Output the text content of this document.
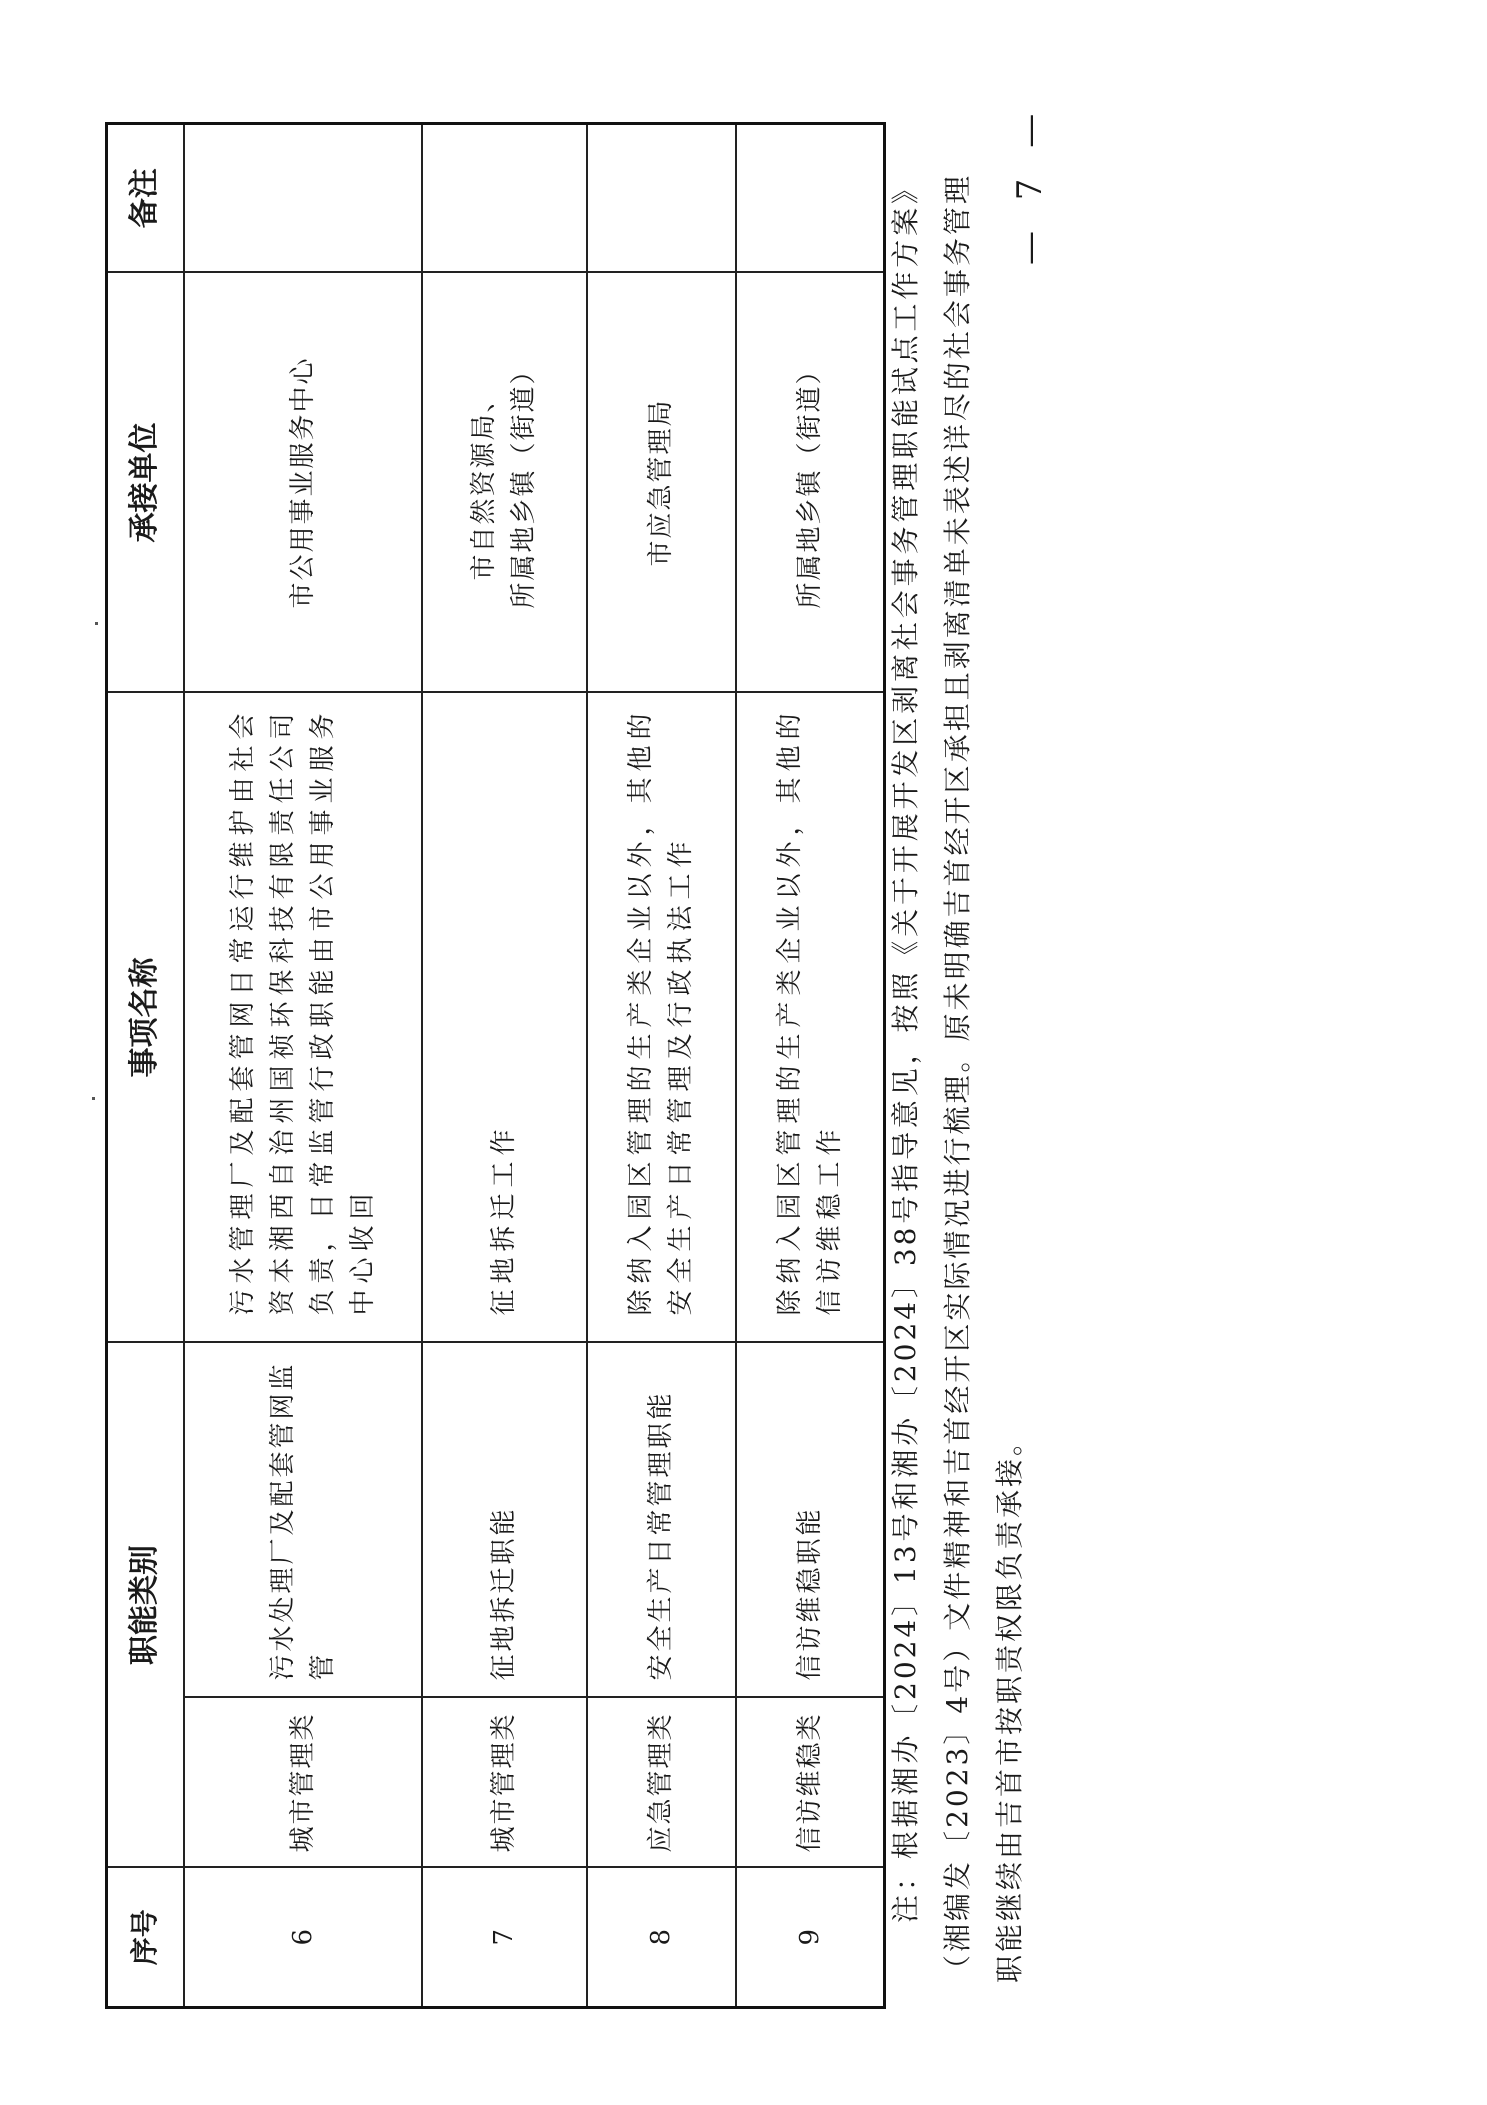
序号	职能类别		事项名称	承接单位	备注
6	城市管理类	污水处理厂及配套管网监管	污水管理厂及配套管网日常运行维护由社会资本湘西自治州国祯环保科技有限责任公司负责，日常监管行政职能由市公用事业服务中心收回	市公用事业服务中心	

7	城市管理类	征地拆迁职能	征地拆迁工作	市自然资源局、 所属地乡镇（街道）	

8	应急管理类	安全生产日常管理职能	除纳入园区管理的生产类企业以外，其他的安全生产日常管理及行政执法工作	市应急管理局	

9	信访维稳类	信访维稳职能	除纳入园区管理的生产类企业以外，其他的信访维稳工作	所属地乡镇（街道）	
		注：根据湘办〔2024〕13号和湘办〔2024〕38号指导意见，按照《关于开展开发区剥离社会事务管理职能试点工作方案》（湘编发〔2023〕4号）文件精神和吉首经开区实际情况进行梳理。原未明确吉首经开区承担且剥离清单未表述详尽的社会事务管理职能继续由吉首市按职责权限负责承接。

— 7 —
